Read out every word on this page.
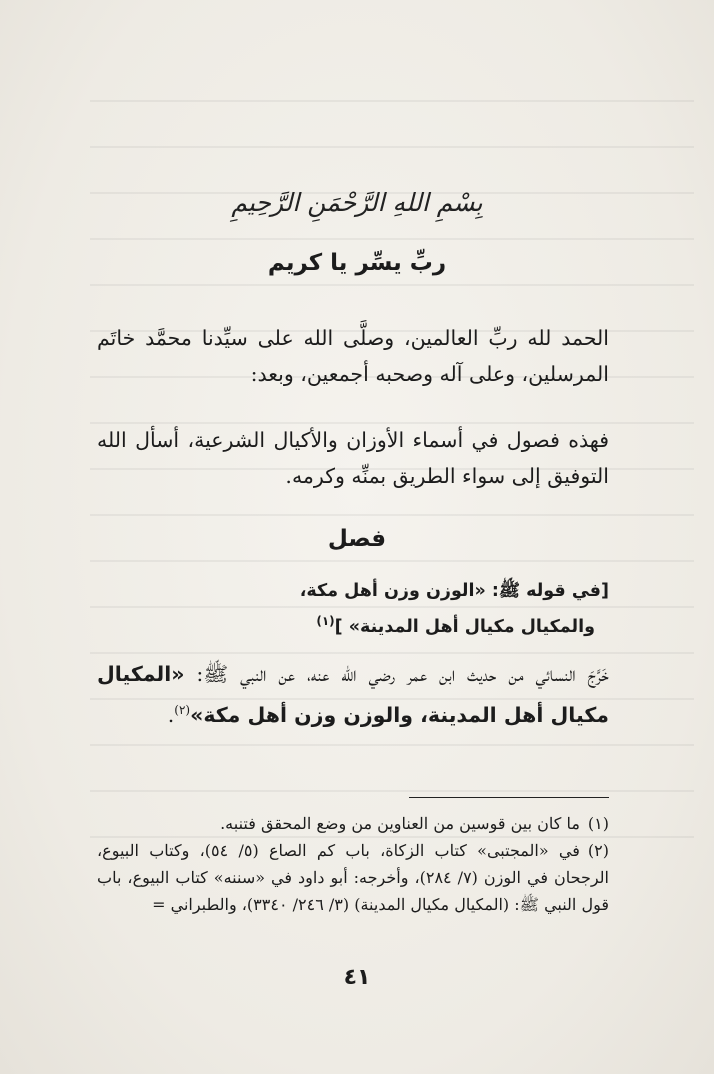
بِسْمِ اللهِ الرَّحْمَنِ الرَّحِيمِ
ربِّ يسِّر يا كريم

الحمد لله ربِّ العالمين، وصلَّى الله على سيِّدنا محمَّد خاتَم المرسلين، وعلى آله وصحبه أجمعين، وبعد:

فهذه فصول في أسماء الأوزان والأكيال الشرعية، أسأل الله التوفيق إلى سواء الطريق بمنِّه وكرمه.

فصل
[في قوله ﷺ: «الوزن وزن أهل مكة،
والمكيال مكيال أهل المدينة» ]$^{(١)}$

خَرَّجَ النسائي من حديث ابن عمر رضي الله عنه، عن النبي ﷺ: «المكيال مكيال أهل المدينة، والوزن وزن أهل مكة»$^{(٢)}$.

(١)ما كان بين قوسين من العناوين من وضع المحقق فتنبه.

(٢)في «المجتبى» كتاب الزكاة، باب كم الصاع (٥/ ٥٤)، وكتاب البيوع، الرجحان في الوزن (٧/ ٢٨٤)، وأخرجه: أبو داود في «سننه» كتاب البيوع، باب قول النبي ﷺ: (المكيال مكيال المدينة) (٣/ ٢٤٦/ ٣٣٤٠)، والطبراني =

٤١
